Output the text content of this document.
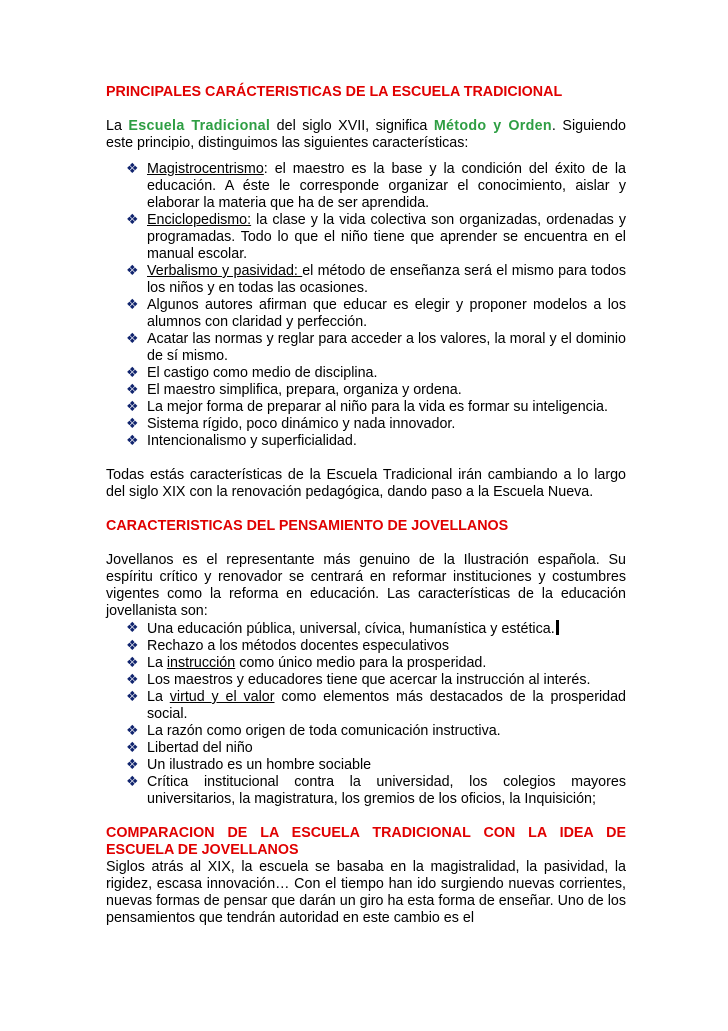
PRINCIPALES CARÁCTERISTICAS DE LA ESCUELA TRADICIONAL

La Escuela Tradicional del siglo XVII, significa Método y Orden. Siguiendo este principio, distinguimos las siguientes características:

❖ Magistrocentrismo: el maestro es la base y la condición del éxito de la educación. A éste le corresponde organizar el conocimiento, aislar y elaborar la materia que ha de ser aprendida.
❖ Enciclopedismo: la clase y la vida colectiva son organizadas, ordenadas y programadas. Todo lo que el niño tiene que aprender se encuentra en el manual escolar.
❖ Verbalismo y pasividad: el método de enseñanza será el mismo para todos los niños y en todas las ocasiones.
❖ Algunos autores afirman que educar es elegir y proponer modelos a los alumnos con claridad y perfección.
❖ Acatar las normas y reglar para acceder a los valores, la moral y el dominio de sí mismo.
❖ El castigo como medio de disciplina.
❖ El maestro simplifica, prepara, organiza y ordena.
❖ La mejor forma de preparar al niño para la vida es formar su inteligencia.
❖ Sistema rígido, poco dinámico y nada innovador.
❖ Intencionalismo y superficialidad.

Todas estás características de la Escuela Tradicional irán cambiando a lo largo del siglo XIX con la renovación pedagógica, dando paso a la Escuela Nueva.

CARACTERISTICAS DEL PENSAMIENTO DE JOVELLANOS

Jovellanos es el representante más genuino de la Ilustración española. Su espíritu crítico y renovador se centrará en reformar instituciones y costumbres vigentes como la reforma en educación. Las características de la educación jovellanista son:

❖ Una educación pública, universal, cívica, humanística y estética.
❖ Rechazo a los métodos docentes especulativos
❖ La instrucción como único medio para la prosperidad.
❖ Los maestros y educadores tiene que acercar la instrucción al interés.
❖ La virtud y el valor como elementos más destacados de la prosperidad social.
❖ La razón como origen de toda comunicación instructiva.
❖ Libertad del niño
❖ Un ilustrado es un hombre sociable
❖ Crítica institucional contra la universidad, los colegios mayores universitarios, la magistratura, los gremios de los oficios, la Inquisición;

COMPARACION DE LA ESCUELA TRADICIONAL CON LA IDEA DE ESCUELA DE JOVELLANOS

Siglos atrás al XIX, la escuela se basaba en la magistralidad, la pasividad, la rigidez, escasa innovación… Con el tiempo han ido surgiendo nuevas corrientes, nuevas formas de pensar que darán un giro ha esta forma de enseñar. Uno de los pensamientos que tendrán autoridad en este cambio es el
